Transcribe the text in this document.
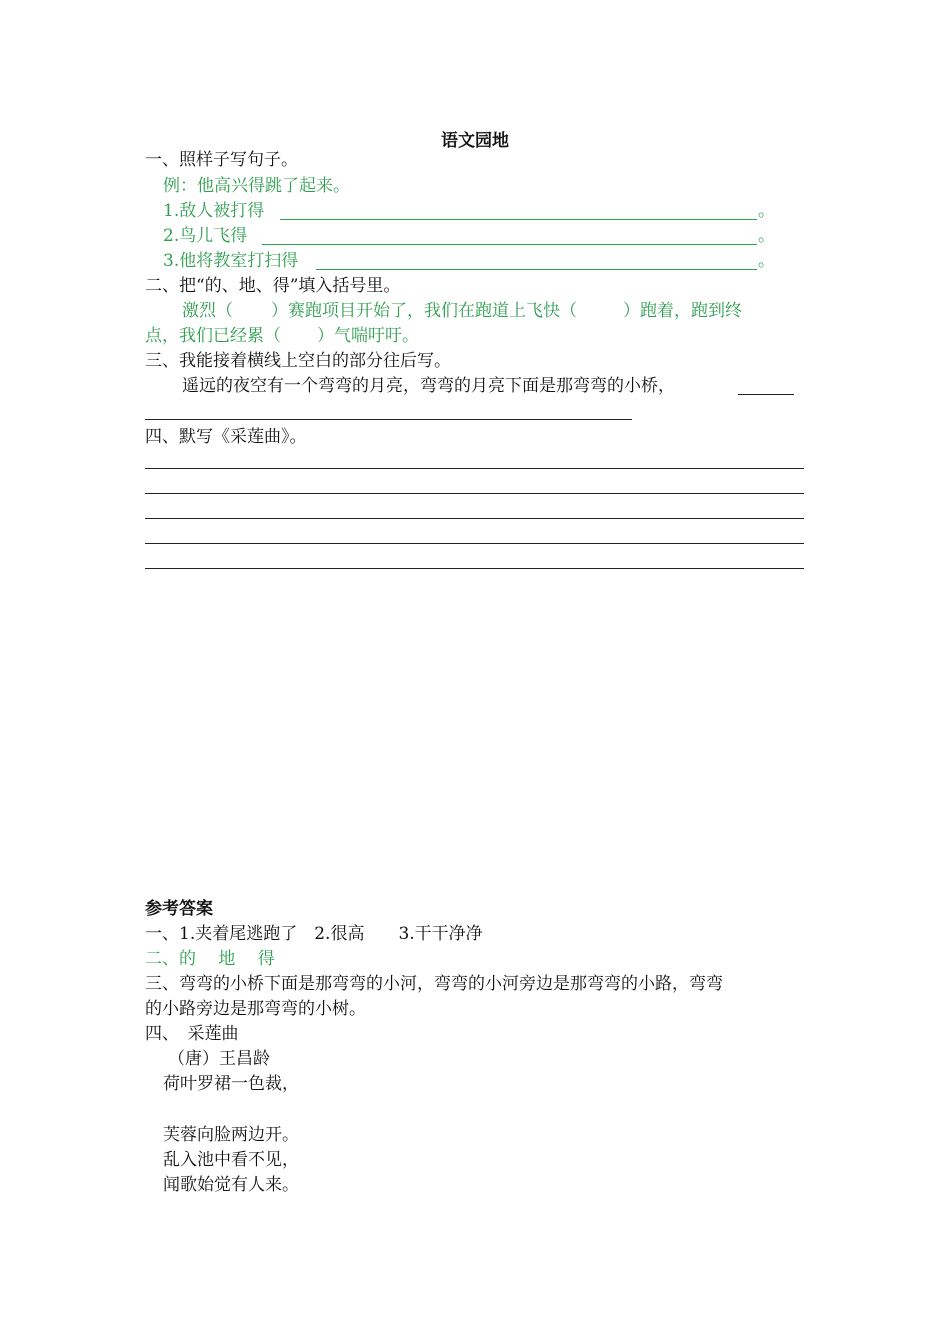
语文园地
一、照样子写句子。
例：他高兴得跳了起来。
1.敌人被打得	。
2.鸟儿飞得	。
3.他将教室打扫得	。
二、把“的、地、得”填入括号里。
激烈（ ）赛跑项目开始了，我们在跑道上飞快（	）跑着，跑到终
点，我们已经累（ ）气喘吁吁。
三、我能接着横线上空白的部分往后写。
遥远的夜空有一个弯弯的月亮，弯弯的月亮下面是那弯弯的小桥，
四、默写《采莲曲》。
参考答案
一、1.夹着尾逃跑了　2.很高　　3.干干净净
二、的　 地　 得
三、弯弯的小桥下面是那弯弯的小河，弯弯的小河旁边是那弯弯的小路，弯弯
的小路旁边是那弯弯的小树。
四、　采莲曲
（唐）王昌龄
荷叶罗裙一色裁，
芙蓉向脸两边开。
乱入池中看不见，
闻歌始觉有人来。
